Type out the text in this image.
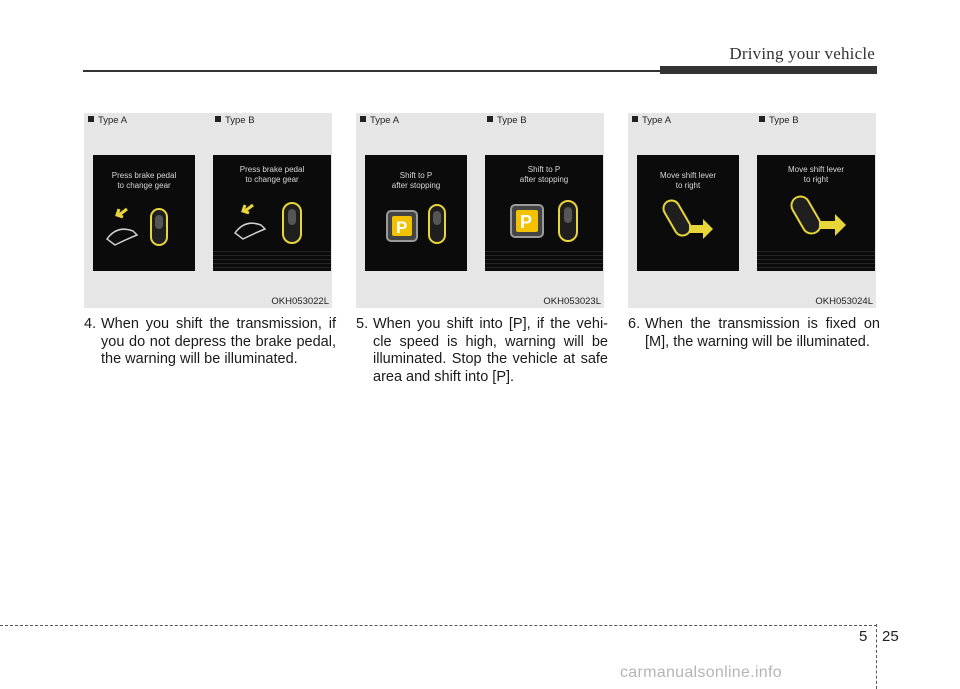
Driving your vehicle
Type A
Press brake pedal
to change gear
Type B
Press brake pedal
to change gear
OKH053022L
Type A
Shift to P
after stopping
P
Type B
Shift to P
after stopping
P
OKH053023L
Type A
Move shift lever
to right
Type B
Move shift lever
to right
OKH053024L
4. When you shift the transmission, if you do not depress the brake pedal, the warning will be illuminated.
5. When you shift into [P], if the vehi-cle speed is high, warning will be illuminated. Stop the vehicle at safe area and shift into [P].
6. When the transmission is fixed on [M], the warning will be illuminated.
5 25
carmanualsonline.info
